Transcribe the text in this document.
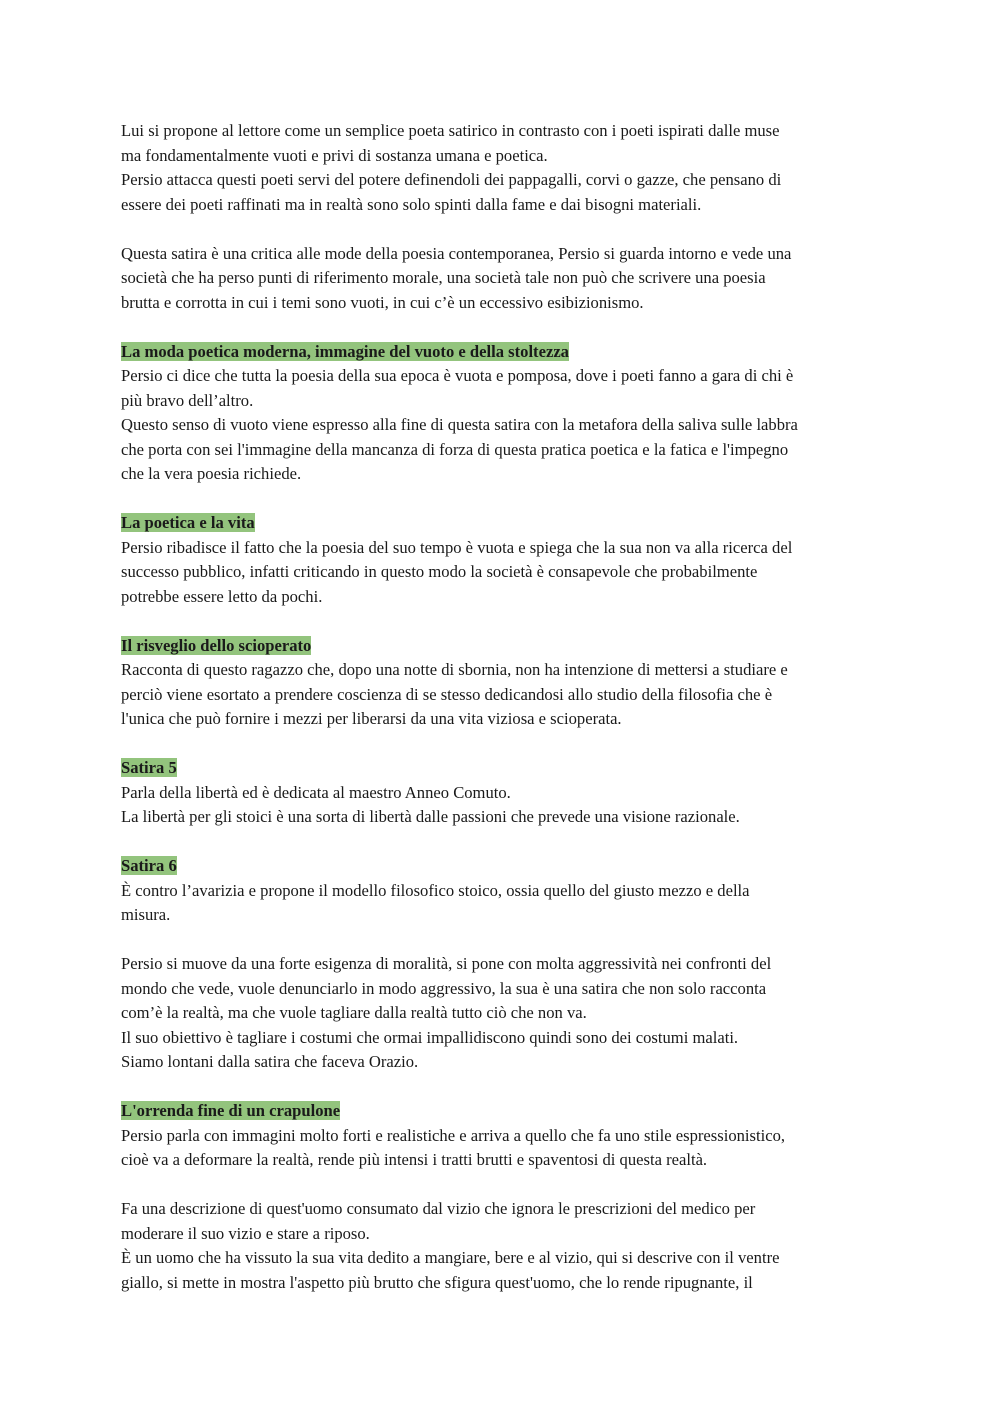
Lui si propone al lettore come un semplice poeta satirico in contrasto con i poeti ispirati dalle muse
ma fondamentalmente vuoti e privi di sostanza umana e poetica.
Persio attacca questi poeti servi del potere definendoli dei pappagalli, corvi o gazze, che pensano di
essere dei poeti raffinati ma in realtà sono solo spinti dalla fame e dai bisogni materiali.
Questa satira è una critica alle mode della poesia contemporanea, Persio si guarda intorno e vede una
società che ha perso punti di riferimento morale, una società tale non può che scrivere una poesia
brutta e corrotta in cui i temi sono vuoti, in cui c’è un eccessivo esibizionismo.
La moda poetica moderna, immagine del vuoto e della stoltezza
Persio ci dice che tutta la poesia della sua epoca è vuota e pomposa, dove i poeti fanno a gara di chi è
più bravo dell’altro.
Questo senso di vuoto viene espresso alla fine di questa satira con la metafora della saliva sulle labbra
che porta con sei l'immagine della mancanza di forza di questa pratica poetica e la fatica e l'impegno
che la vera poesia richiede.
La poetica e la vita
Persio ribadisce il fatto che la poesia del suo tempo è vuota e spiega che la sua non va alla ricerca del
successo pubblico, infatti criticando in questo modo la società è consapevole che probabilmente
potrebbe essere letto da pochi.
Il risveglio dello scioperato
Racconta di questo ragazzo che, dopo una notte di sbornia, non ha intenzione di mettersi a studiare e
perciò viene esortato a prendere coscienza di se stesso dedicandosi allo studio della filosofia che è
l'unica che può fornire i mezzi per liberarsi da una vita viziosa e scioperata.
Satira 5
Parla della libertà ed è dedicata al maestro Anneo Comuto.
La libertà per gli stoici è una sorta di libertà dalle passioni che prevede una visione razionale.
Satira 6
È contro l’avarizia e propone il modello filosofico stoico, ossia quello del giusto mezzo e della
misura.
Persio si muove da una forte esigenza di moralità, si pone con molta aggressività nei confronti del
mondo che vede, vuole denunciarlo in modo aggressivo, la sua è una satira che non solo racconta
com’è la realtà, ma che vuole tagliare dalla realtà tutto ciò che non va.
Il suo obiettivo è tagliare i costumi che ormai impallidiscono quindi sono dei costumi malati.
Siamo lontani dalla satira che faceva Orazio.
L'orrenda fine di un crapulone
Persio parla con immagini molto forti e realistiche e arriva a quello che fa uno stile espressionistico,
cioè va a deformare la realtà, rende più intensi i tratti brutti e spaventosi di questa realtà.
Fa una descrizione di quest'uomo consumato dal vizio che ignora le prescrizioni del medico per
moderare il suo vizio e stare a riposo.
È un uomo che ha vissuto la sua vita dedito a mangiare, bere e al vizio, qui si descrive con il ventre
giallo, si mette in mostra l'aspetto più brutto che sfigura quest'uomo, che lo rende ripugnante, il
